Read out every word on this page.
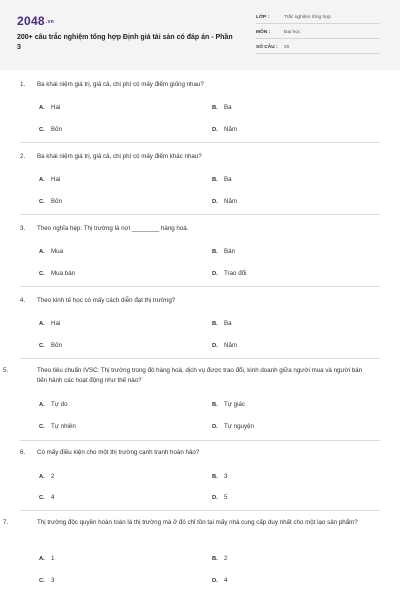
2048.vn
200+ câu trắc nghiệm tổng hợp Định giá tài sản có đáp án - Phần 3
LỚP :	Trắc nghiệm tổng hợp
MÔN :	Đại học
SỐ CÂU : 20
1. Ba khái niệm giá trị, giá cả, chi phí có mấy điểm giống nhau?
A. Hai	B. Ba
C. Bốn	D. Năm
2. Ba khái niệm giá trị, giá cả, chi phí có mấy điểm khác nhau?
A. Hai	B. Ba
C. Bốn	D. Năm
3. Theo nghĩa hẹp: Thị trường là nơi ________ hàng hoá.
A. Mua	B. Bán
C. Mua bán	D. Trao đổi
4. Theo kinh tế học có mấy cách diễn đạt thị trường?
A. Hai	B. Ba
C. Bốn	D. Năm
5.	Theo tiêu chuẩn IVSC: Thị trường trong đó hàng hoá, dịch vụ được trao đổi, kinh doanh giữa người mua và người bán tiến hành các hoạt động như thế nào?
A. Tự do	B. Tự giác
C. Tự nhiên	D. Tự nguyện
6. Có mấy điều kiện cho một thị trường cạnh tranh hoàn hảo?
A. 2	B. 3
C. 4	D. 5
7.	Thị trường độc quyền hoàn toàn là thị trường mà ở đó chỉ tồn tại mấy nhà cung cấp duy nhất cho một lạo sản phẩm?
A. 1	B. 2
C. 3	D. 4
